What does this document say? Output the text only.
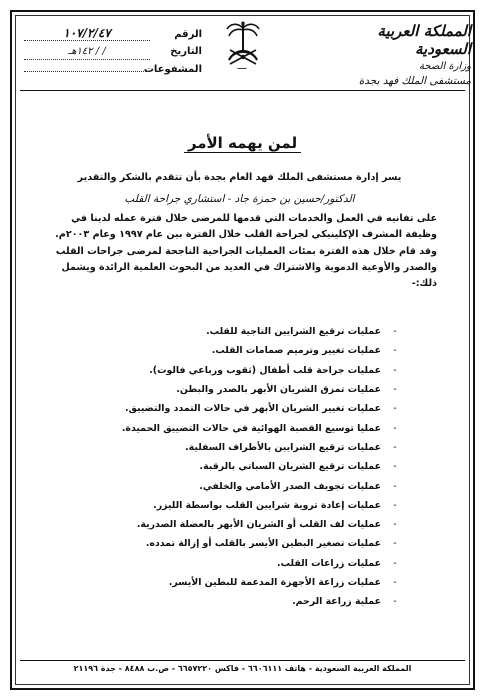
المملكة العربية السعودية
وزارة الصحة
مستشفى الملك فهد بجدة
━━━
الرقم
١٠٧/٢/٤٧
التاريخ
/ / ١٤٢هـ
المشفوعات
لمن يهمه الأمر
يسر إدارة مستشفى الملك فهد العام بجدة بأن تتقدم بالشكر والتقدير
الدكتور/حسين بن حمزة جاد - استشاري جراحة القلب
على تفانيه في العمل والخدمات التي قدمها للمرضى خلال فترة عمله لدينا في وظيفة المشرف الإكلينيكي لجراحة القلب خلال الفترة بين عام ١٩٩٧ وعام ٢٠٠٣م.
وقد قام خلال هذه الفترة بمئات العمليات الجراحية الناجحة لمرضى جراحات القلب والصدر والأوعية الدموية والاشتراك في العديد من البحوث العلمية الرائدة ويشمل ذلك:-
-
عمليات ترقيع الشرايين التاجية للقلب.
-
عمليات تغيير وترميم صمامات القلب.
-
عمليات جراحة قلب أطفال (ثقوب ورباعي فالوت).
-
عمليات تمزق الشريان الأبهر بالصدر والبطن.
-
عمليات تغيير الشريان الأبهر في حالات التمدد والتضييق.
-
عمليا توسيع القصبة الهوائية في حالات التضييق الحميدة.
-
عمليات ترقيع الشرايين بالأطراف السفلية.
-
عمليات ترقيع الشريان السباتي بالرقبة.
-
عمليات تجويف الصدر الأمامي والخلفي.
-
عمليات إعادة تروية شرايين القلب بواسطة الليزر.
-
عمليات لف القلب أو الشريان الأبهر بالعضلة الصدرية.
-
عمليات تصغير البطين الأيسر بالقلب أو إزالة تمدده.
-
عمليات زراعات القلب.
-
عمليات زراعة الأجهزة المدعمة للبطين الأيسر.
-
عملية زراعة الرحم.
المملكة العربية السعودية - هاتف ٦٦٠٦١١١ - فاكس ٦٦٥٧٢٢٠ - ص.ب ٨٤٨٨ - جدة ٢١١٩٦
